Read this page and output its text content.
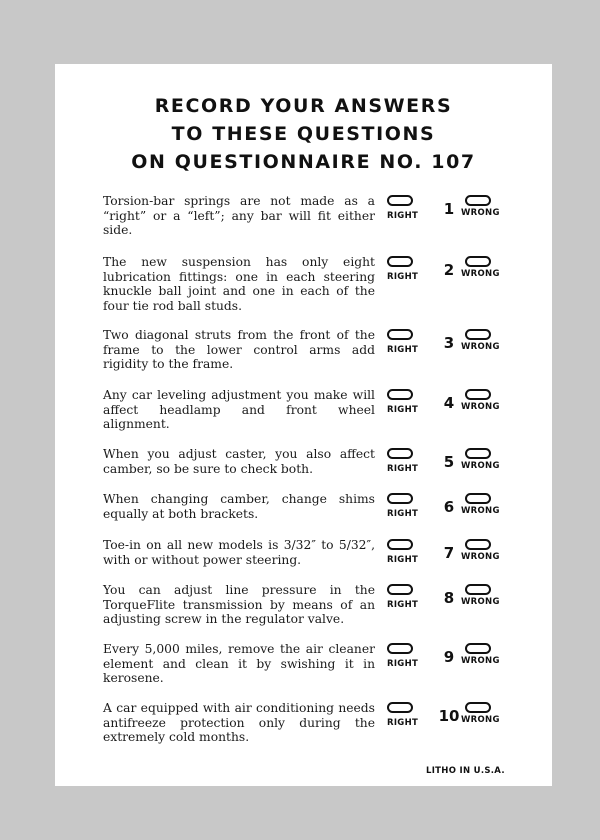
RECORD YOUR ANSWERS
TO THESE QUESTIONS
ON QUESTIONNAIRE NO. 107
Torsion-bar springs are not made as a “right” or a “left”; any bar will fit either side.
RIGHT	1 WRONG
The new suspension has only eight lubrication fittings: one in each steering knuckle ball joint and one in each of the four tie rod ball studs.
RIGHT	2 WRONG
Two diagonal struts from the front of the frame to the lower control arms add rigidity to the frame.
RIGHT	3 WRONG
Any car leveling adjustment you make will affect headlamp and front wheel alignment.
RIGHT	4 WRONG
When you adjust caster, you also affect camber, so be sure to check both.	RIGHT	5 WRONG
When changing camber, change shims equally at both brackets.	RIGHT	6 WRONG
Toe-in on all new models is 3/32″ to 5/32″, with or without power steering.	RIGHT	7 WRONG
You can adjust line pressure in the TorqueFlite transmission by means of an adjusting screw in the regulator valve.
RIGHT	8 WRONG
Every 5,000 miles, remove the air cleaner element and clean it by swishing it in kerosene.
RIGHT	9 WRONG
A car equipped with air conditioning needs antifreeze protection only during the extremely cold months.
RIGHT 10 WRONG
LITHO IN U.S.A.
